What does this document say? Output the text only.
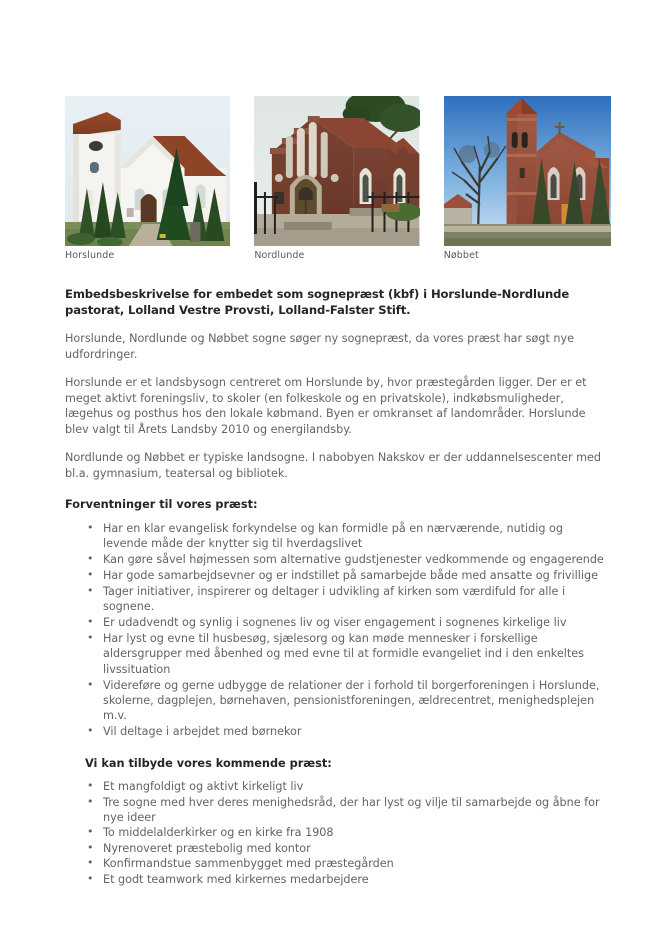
Horslunde	Nordlunde	Nøbbet
Embedsbeskrivelse for embedet som sognepræst (kbf) i Horslunde-Nordlunde pastorat, Lolland Vestre Provsti, Lolland-Falster Stift.

Horslunde, Nordlunde og Nøbbet sogne søger ny sognepræst, da vores præst har søgt nye udfordringer.

Horslunde er et landsbysogn centreret om Horslunde by, hvor præstegården ligger. Der er et meget aktivt foreningsliv, to skoler (en folkeskole og en privatskole), indkøbsmuligheder, lægehus og posthus hos den lokale købmand. Byen er omkranset af landområder. Horslunde blev valgt til Årets Landsby 2010 og energilandsby.

Nordlunde og Nøbbet er typiske landsogne. I nabobyen Nakskov er der uddannelsescenter med bl.a. gymnasium, teatersal og bibliotek.

Forventninger til vores præst:
• Har en klar evangelisk forkyndelse og kan formidle på en nærværende, nutidig og levende måde der knytter sig til hverdagslivet
• Kan gøre såvel højmessen som alternative gudstjenester vedkommende og engagerende
• Har gode samarbejdsevner og er indstillet på samarbejde både med ansatte og frivillige
• Tager initiativer, inspirerer og deltager i udvikling af kirken som værdifuld for alle i sognene.
• Er udadvendt og synlig i sognenes liv og viser engagement i sognenes kirkelige liv
• Har lyst og evne til husbesøg, sjælesorg og kan møde mennesker i forskellige aldersgrupper med åbenhed og med evne til at formidle evangeliet ind i den enkeltes livssituation
• Videreføre og gerne udbygge de relationer der i forhold til borgerforeningen i Horslunde, skolerne, dagplejen, børnehaven, pensionistforeningen, ældrecentret, menighedsplejen m.v.
• Vil deltage i arbejdet med børnekor
Vi kan tilbyde vores kommende præst:
• Et mangfoldigt og aktivt kirkeligt liv
• Tre sogne med hver deres menighedsråd, der har lyst og vilje til samarbejde og åbne for nye ideer
• To middelalderkirker og en kirke fra 1908
• Nyrenoveret præstebolig med kontor
• Konfirmandstue sammenbygget med præstegården
• Et godt teamwork med kirkernes medarbejdere
